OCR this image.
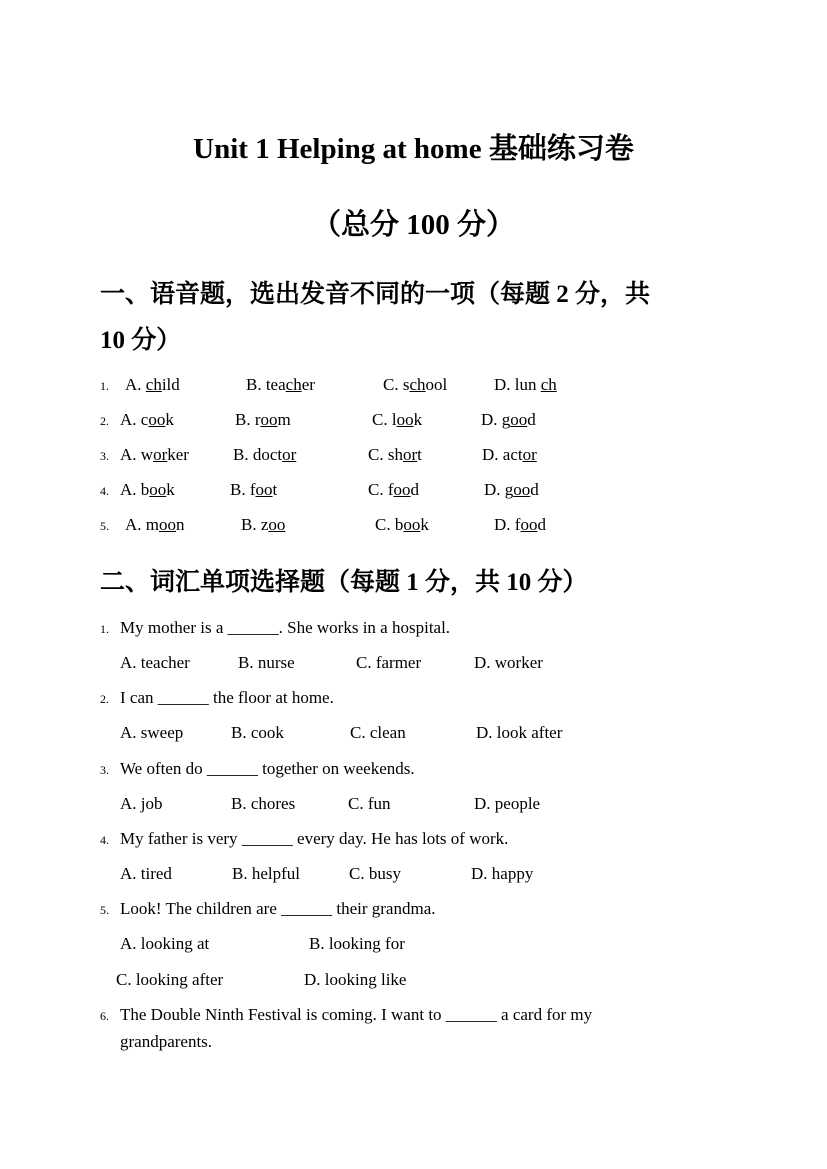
Unit 1 Helping at home 基础练习卷
（总分 100 分）
一、语音题，选出发音不同的一项（每题 2 分，共
10 分）
1. A. child	B. teacher	C. school	D. lun ch
2. A. cook	B. room	C. look	D. good
3. A. worker	B. doctor	C. short	D. actor
4. A. book	B. foot	C. food	D. good
5. A. moon	B. zoo	C. book	D. food
二、词汇单项选择题（每题 1 分，共 10 分）
1. My mother is a ______. She works in a hospital.
A. teacher	B. nurse	C. farmer	D. worker
2. I can ______ the floor at home.
A. sweep	B. cook	C. clean	D. look after
3. We often do ______ together on weekends.
A. job	B. chores	C. fun	D. people
4. My father is very ______ every day. He has lots of work.
A. tired	B. helpful	C. busy	D. happy
5. Look! The children are ______ their grandma.
A. looking at	B. looking for
C. looking after	D. looking like
6. The Double Ninth Festival is coming. I want to ______ a card for my
grandparents.
